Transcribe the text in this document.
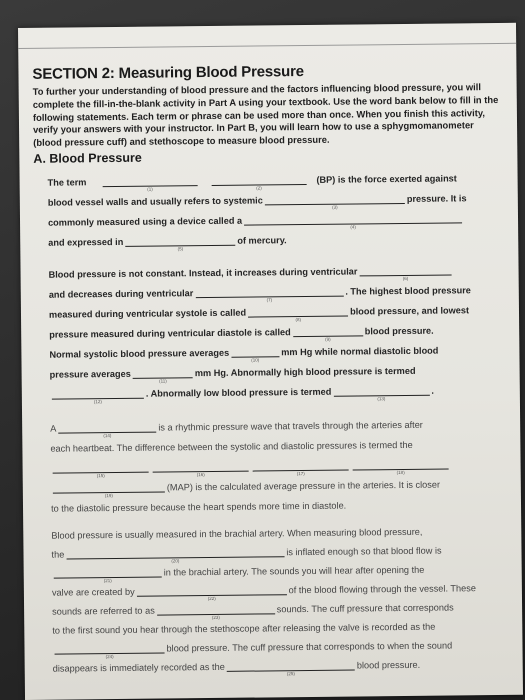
SECTION 2: Measuring Blood Pressure
To further your understanding of blood pressure and the factors influencing blood pressure, you will complete the fill-in-the-blank activity in Part A using your textbook. Use the word bank below to fill in the following statements. Each term or phrase can be used more than once. When you finish this activity, verify your answers with your instructor. In Part B, you will learn how to use a sphygmomanometer (blood pressure cuff) and stethoscope to measure blood pressure.
A. Blood Pressure
The term
(1)	(2)
(BP) is the force exerted against
blood vessel walls and usually refers to systemic	(3)
pressure. It is
commonly measured using a device called a	(4)
and expressed in
(5)
of mercury.
Blood pressure is not constant. Instead, it increases during ventricular	(6)
and decreases during ventricular
(7)
. The highest blood pressure
measured during ventricular systole is called	(8)
blood pressure, and lowest
pressure measured during ventricular diastole is called	(9)
blood pressure.
Normal systolic blood pressure averages
(10)
mm Hg while normal diastolic blood
pressure averages
(11)
mm Hg. Abnormally high blood pressure is termed
(12)
. Abnormally low blood pressure is termed
(13)
.
A
(14)
is a rhythmic pressure wave that travels through the arteries after
each heartbeat. The difference between the systolic and diastolic pressures is termed the
(15)	(16)	(17)	(18)
(19)
(MAP) is the calculated average pressure in the arteries. It is closer
to the diastolic pressure because the heart spends more time in diastole.
Blood pressure is usually measured in the brachial artery. When measuring blood pressure,
the
(20)
is inflated enough so that blood flow is
(21)
in the brachial artery. The sounds you will hear after opening the
valve are created by
(22)
of the blood flowing through the vessel. These
sounds are referred to as
(23)
sounds. The cuff pressure that corresponds
to the first sound you hear through the stethoscope after releasing the valve is recorded as the
(24)
blood pressure. The cuff pressure that corresponds to when the sound
disappears is immediately recorded as the
(25)
blood pressure.
